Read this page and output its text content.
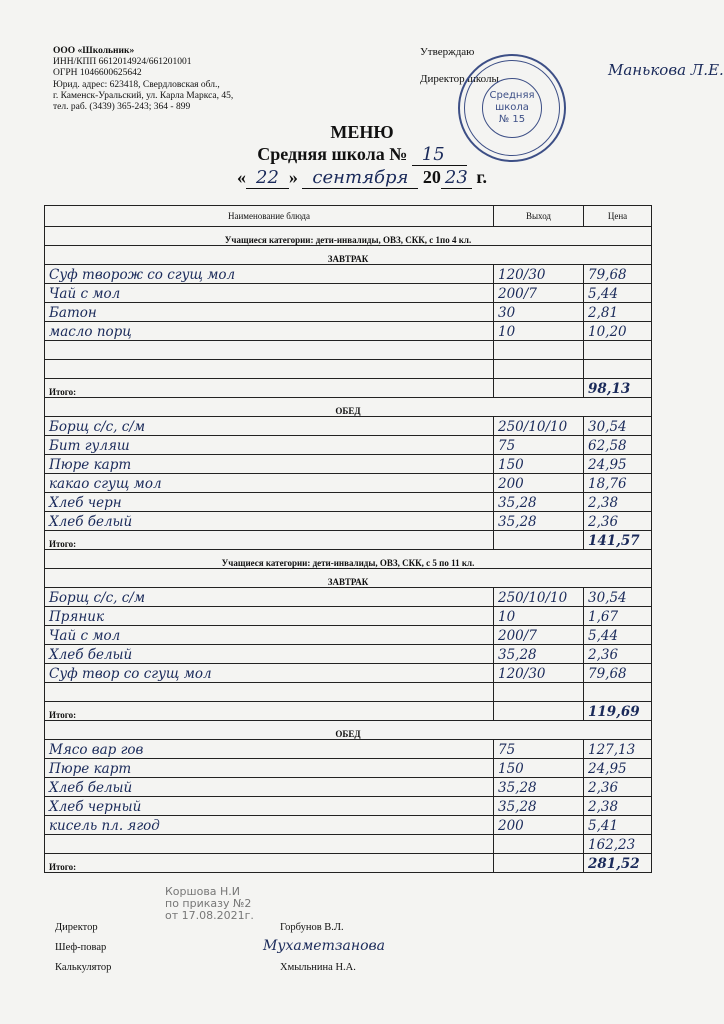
ООО «Школьник»
ИНН/КПП 6612014924/661201001
ОГРН 1046600625642
Юрид. адрес: 623418, Свердловская обл.,
г. Каменск-Уральский, ул. Карла Маркса, 45,
тел. раб. (3439) 365-243; 364 - 899
Утверждаю
Директор школы	Манькова Л.Е.
Средняя
школа
№ 15
МЕНЮ
Средняя школа № 15
« 22 » сентября 20 23 г.
Наименование блюда	Выход	Цена
Учащиеся категории: дети-инвалиды, ОВЗ, СКК, с 1по 4 кл.		
ЗАВТРАК		
Суф творож со сгущ мол	120/30	79,68
Чай с мол	200/7	5,44
Батон	30	2,81
масло порц	10	10,20

Итого:		98,13
ОБЕД		
Борщ с/с, с/м	250/10/10	30,54
Бит гуляш	75	62,58
Пюре карт	150	24,95
какао сгущ мол	200	18,76
Хлеб черн	35,28	2,38
Хлеб белый	35,28	2,36
Итого:		141,57
Учащиеся категории: дети-инвалиды, ОВЗ, СКК, с 5 по 11 кл.		
ЗАВТРАК		
Борщ с/с, с/м	250/10/10	30,54
Пряник	10	1,67
Чай с мол	200/7	5,44
Хлеб белый	35,28	2,36
Суф твор со сгущ мол	120/30	79,68

Итого:		119,69
ОБЕД		
Мясо вар гов	75	127,13
Пюре карт	150	24,95
Хлеб белый	35,28	2,36
Хлеб черный	35,28	2,38
кисель пл. ягод	200	5,41
		162,23
Итого:		281,52
Коршова Н.И
по приказу №2
от 17.08.2021г.
Директор	Горбунов В.Л.
Шеф-повар	Мухаметзанова
Калькулятор	Хмыльнина Н.А.
